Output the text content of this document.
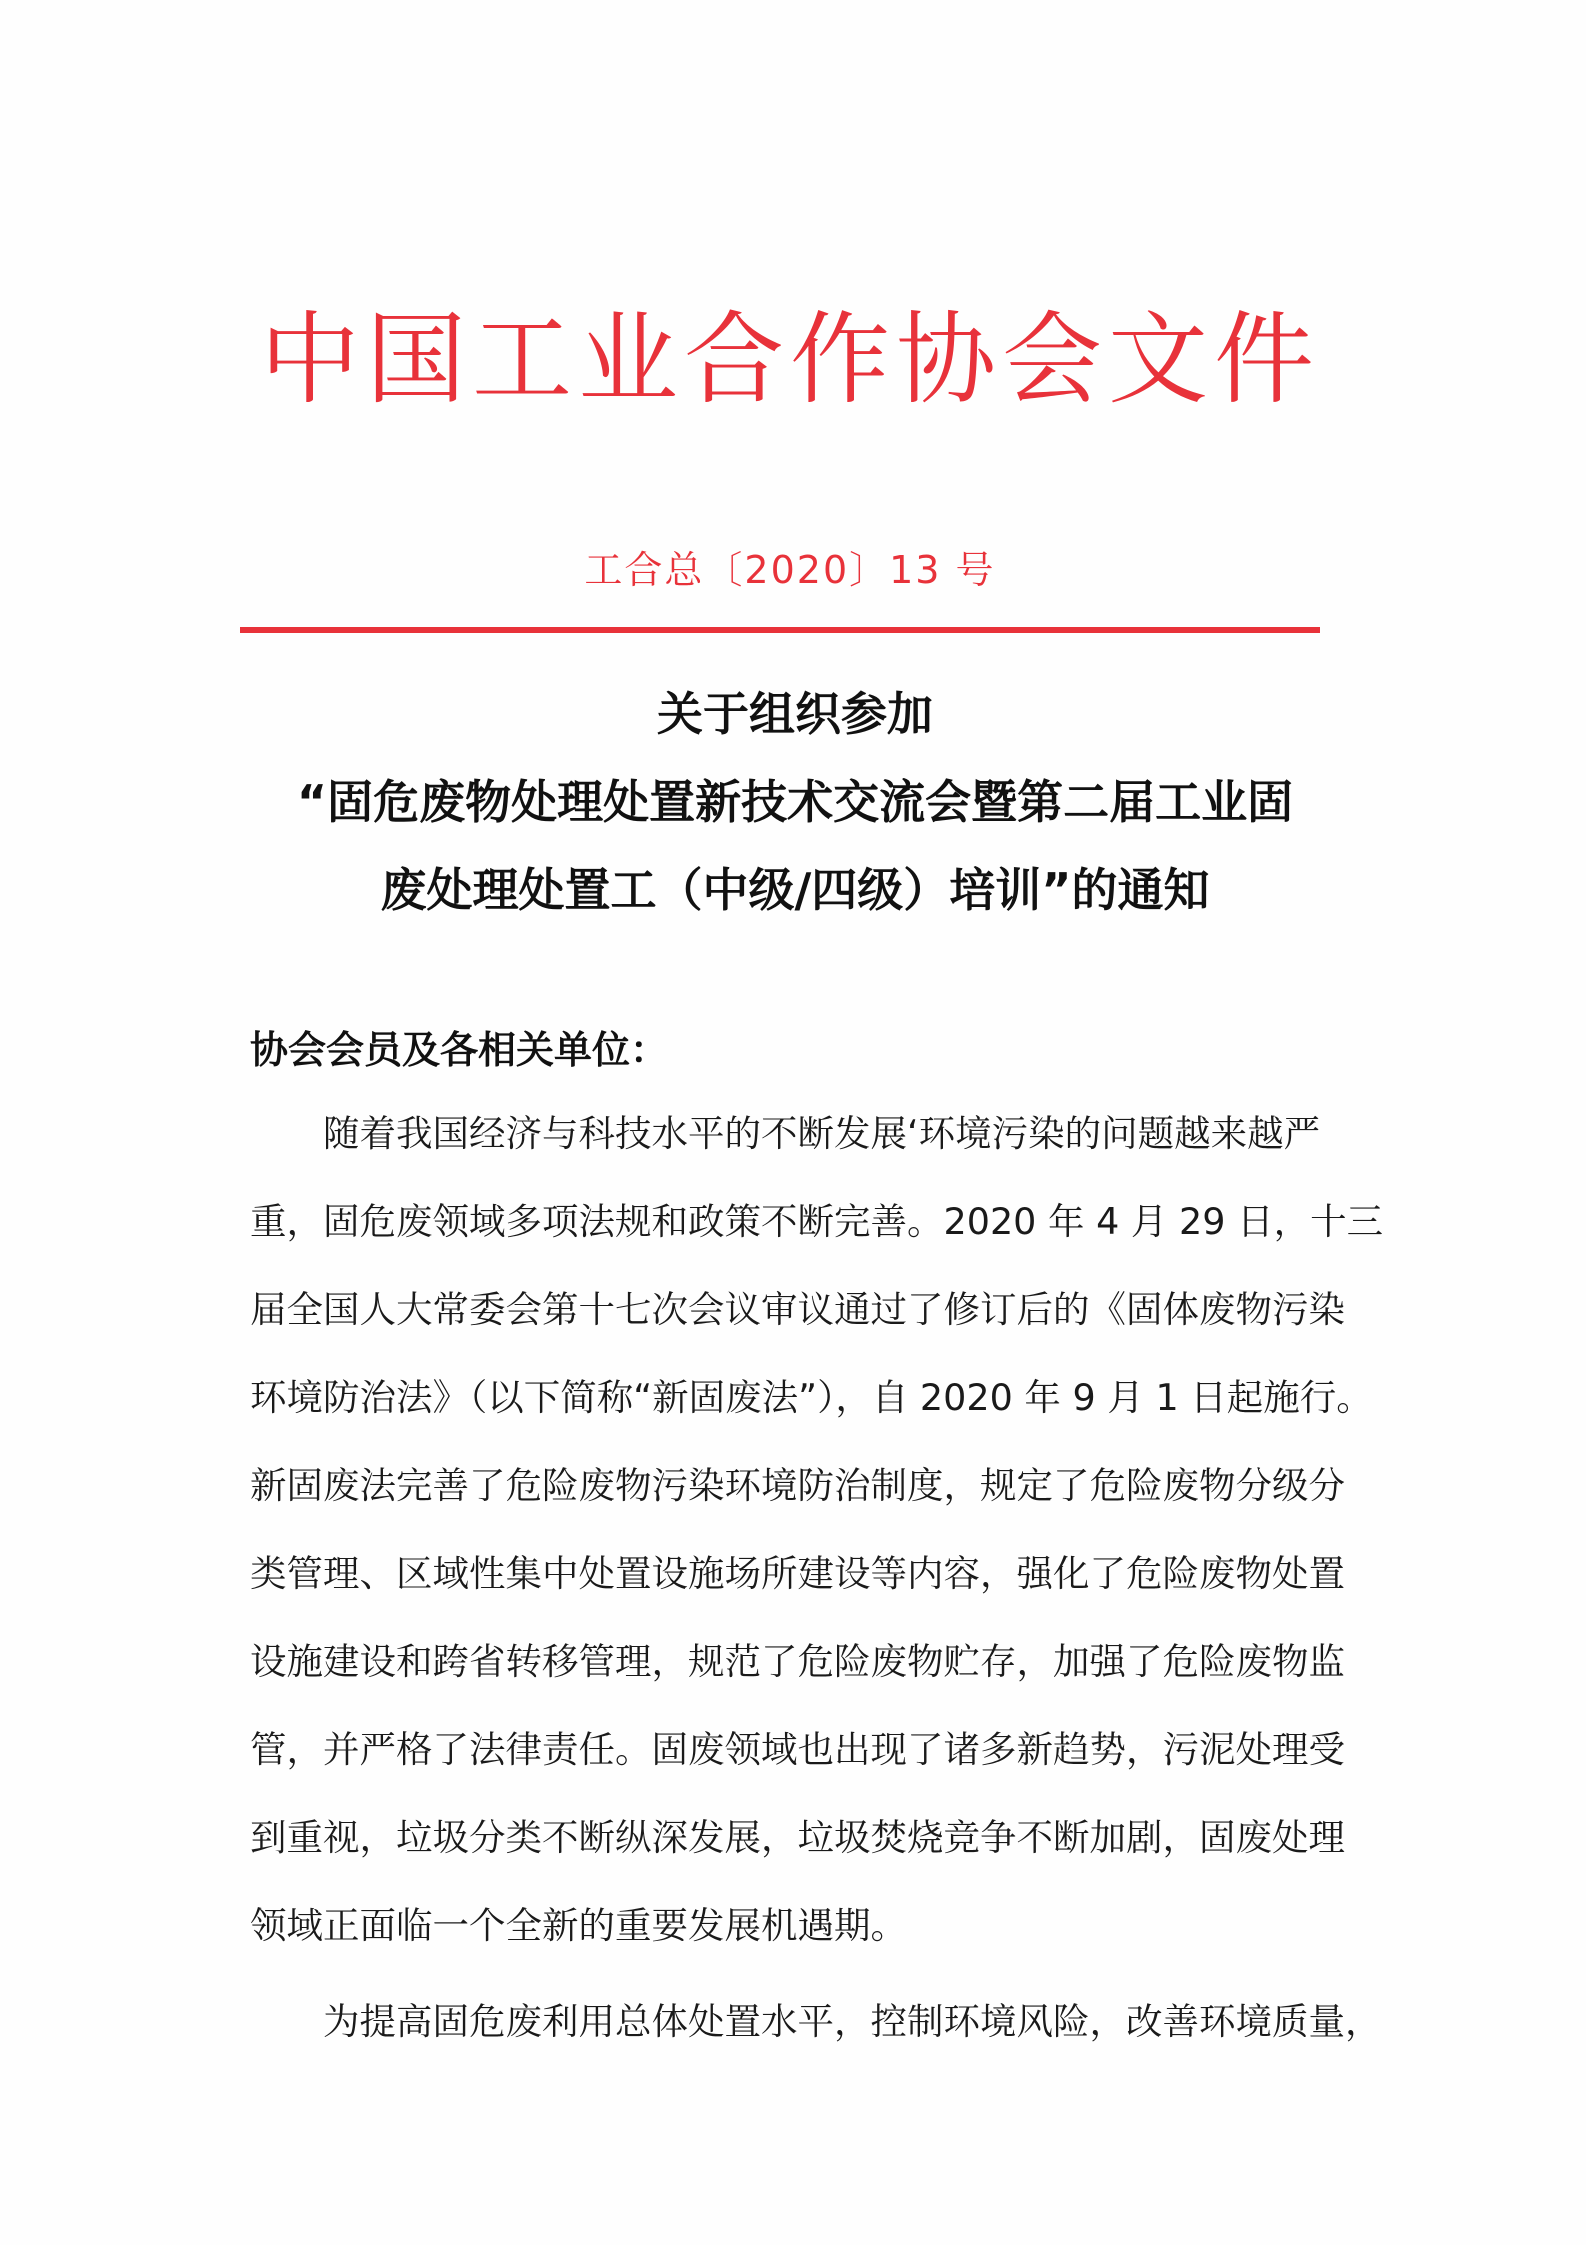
中国工业合作协会文件
工合总〔2020〕13 号
关于组织参加
“固危废物处理处置新技术交流会暨第二届工业固
废处理处置工（中级/四级）培训”的通知
协会会员及各相关单位：
随着我国经济与科技水平的不断发展‘环境污染的问题越来越严
重，固危废领域多项法规和政策不断完善。2020 年 4 月 29 日，十三
届全国人大常委会第十七次会议审议通过了修订后的《固体废物污染
环境防治法》（以下简称“新固废法”），自 2020 年 9 月 1 日起施行。
新固废法完善了危险废物污染环境防治制度，规定了危险废物分级分
类管理、区域性集中处置设施场所建设等内容，强化了危险废物处置
设施建设和跨省转移管理，规范了危险废物贮存，加强了危险废物监
管，并严格了法律责任。固废领域也出现了诸多新趋势，污泥处理受
到重视，垃圾分类不断纵深发展，垃圾焚烧竞争不断加剧，固废处理
领域正面临一个全新的重要发展机遇期。
为提高固危废利用总体处置水平，控制环境风险，改善环境质量，
